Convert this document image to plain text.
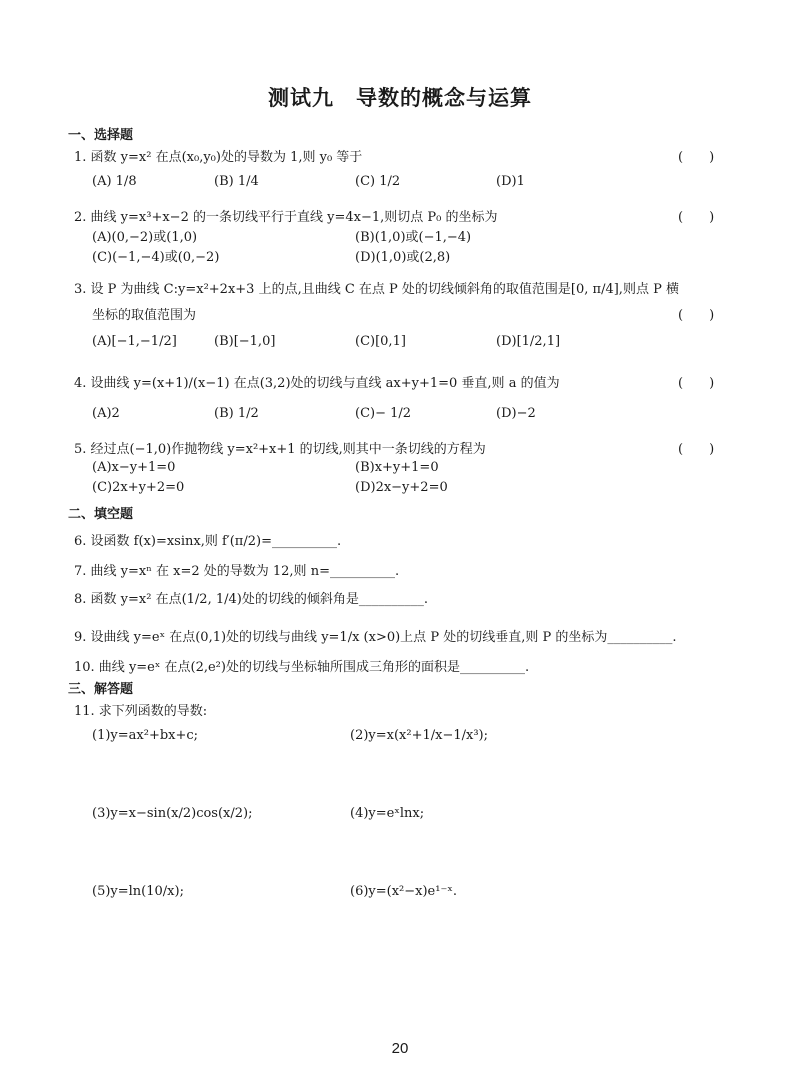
测试九　导数的概念与运算
一、选择题
1. 函数 y=x² 在点(x₀,y₀)处的导数为 1,则 y₀ 等于	(　　)
(A) 1/8	(B) 1/4	(C) 1/2	(D)1
2. 曲线 y=x³+x−2 的一条切线平行于直线 y=4x−1,则切点 P₀ 的坐标为	(　　)
(A)(0,−2)或(1,0)	(B)(1,0)或(−1,−4)
(C)(−1,−4)或(0,−2)	(D)(1,0)或(2,8)
3. 设 P 为曲线 C:y=x²+2x+3 上的点,且曲线 C 在点 P 处的切线倾斜角的取值范围是[0, π/4],则点 P 横
坐标的取值范围为	(　　)
(A)[−1,−1/2]	(B)[−1,0]	(C)[0,1]	(D)[1/2,1]
4. 设曲线 y=(x+1)/(x−1) 在点(3,2)处的切线与直线 ax+y+1=0 垂直,则 a 的值为	(　　)
(A)2	(B) 1/2	(C)− 1/2	(D)−2
5. 经过点(−1,0)作抛物线 y=x²+x+1 的切线,则其中一条切线的方程为	(　　)
(A)x−y+1=0	(B)x+y+1=0
(C)2x+y+2=0	(D)2x−y+2=0
二、填空题
6. 设函数 f(x)=xsinx,则 f′(π/2)=__________.
7. 曲线 y=xⁿ 在 x=2 处的导数为 12,则 n=__________.
8. 函数 y=x² 在点(1/2, 1/4)处的切线的倾斜角是__________.
9. 设曲线 y=eˣ 在点(0,1)处的切线与曲线 y=1/x (x>0)上点 P 处的切线垂直,则 P 的坐标为__________.
10. 曲线 y=eˣ 在点(2,e²)处的切线与坐标轴所围成三角形的面积是__________.
三、解答题
11. 求下列函数的导数:
(1)y=ax²+bx+c;	(2)y=x(x²+1/x−1/x³);
(3)y=x−sin(x/2)cos(x/2);	(4)y=eˣlnx;
(5)y=ln(10/x);	(6)y=(x²−x)e¹⁻ˣ.
20
